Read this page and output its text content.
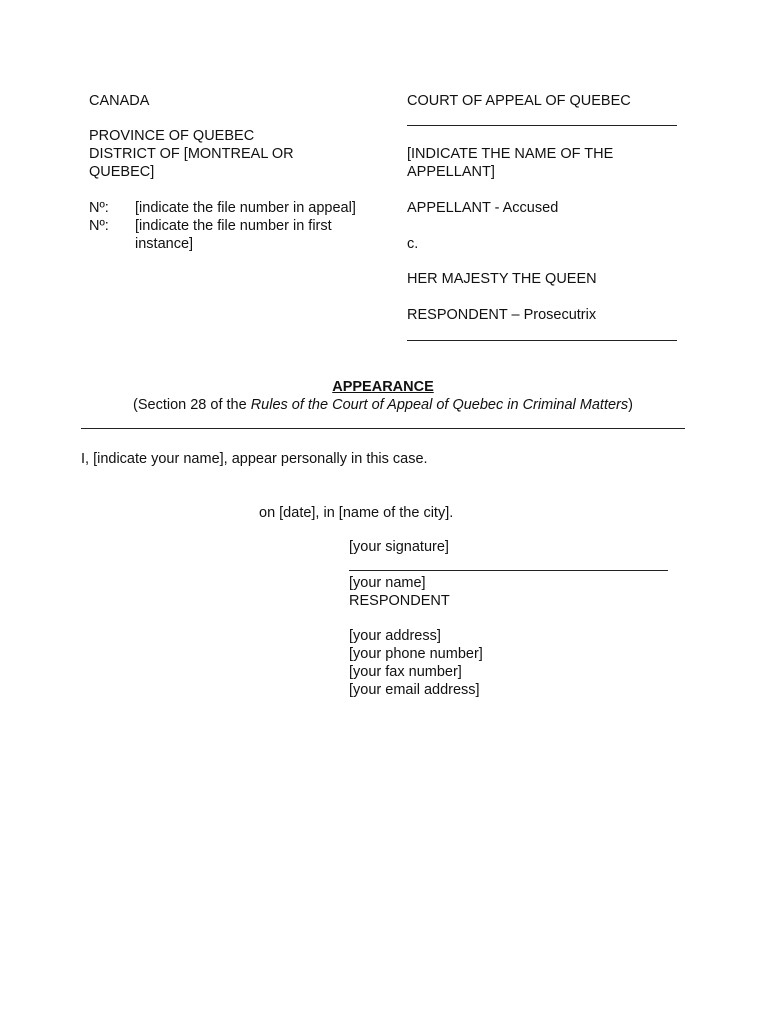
CANADA
PROVINCE OF QUEBEC
DISTRICT OF [MONTREAL OR
QUEBEC]
Nº: [indicate the file number in appeal]
Nº: [indicate the file number in first
instance]
COURT OF APPEAL OF QUEBEC
[INDICATE THE NAME OF THE
APPELLANT]
APPELLANT - Accused
c.
HER MAJESTY THE QUEEN
RESPONDENT – Prosecutrix
APPEARANCE
(Section 28 of the Rules of the Court of Appeal of Quebec in Criminal Matters)
I, [indicate your name], appear personally in this case.
on [date], in [name of the city].
[your signature]
[your name]
RESPONDENT
[your address]
[your phone number]
[your fax number]
[your email address]
